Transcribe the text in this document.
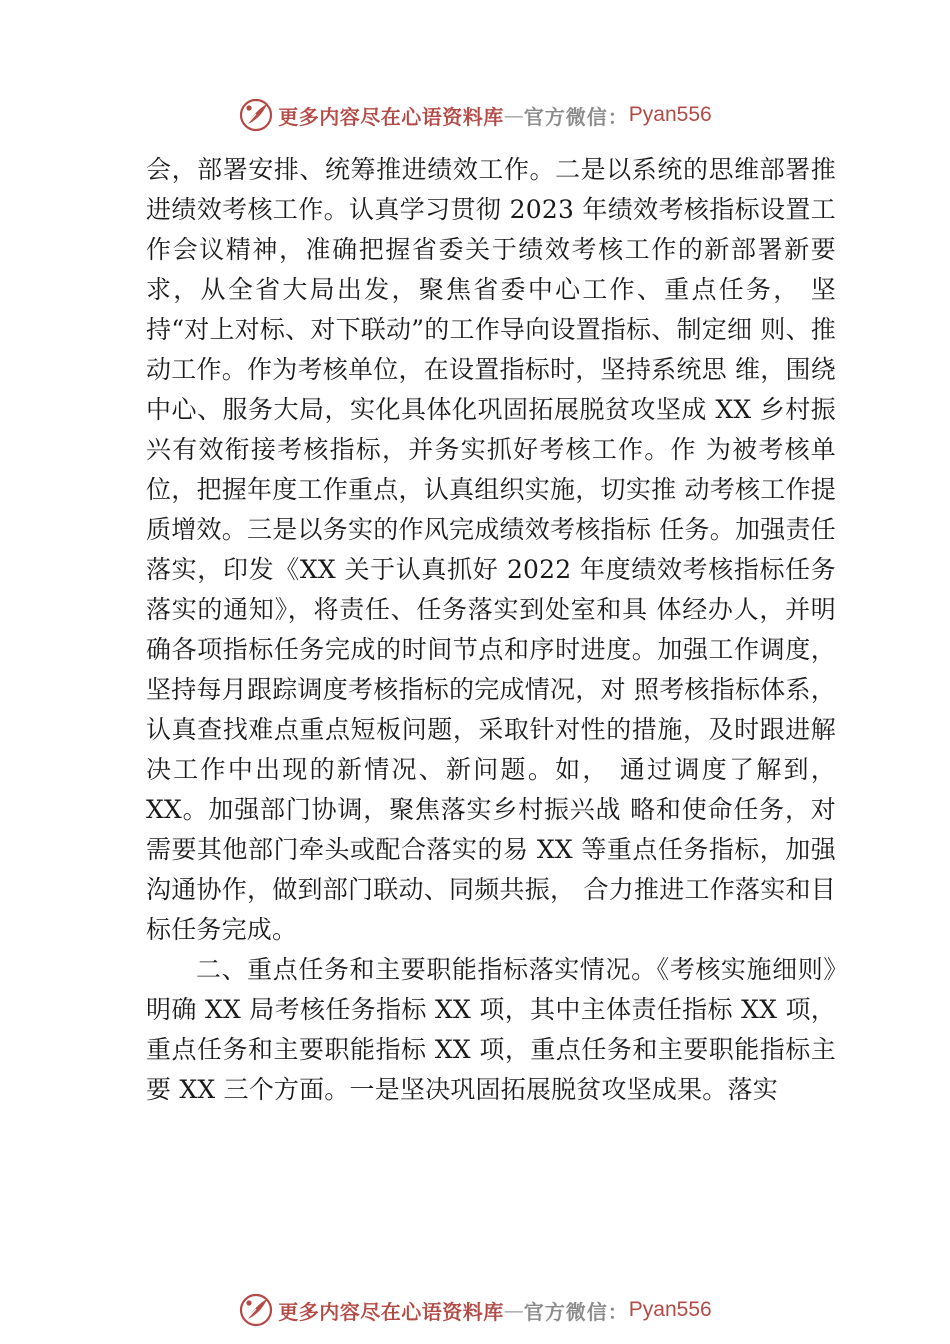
更多内容尽在心语资料库 — 官方微信： Pyan556

会，部署安排、统筹推进绩效工作。二是以系统的思维部署推进绩效考核工作。认真学习贯彻 2023 年绩效考核指标设置工作会议精神，准确把握省委关于绩效考核工作的新部署新要求，从全省大局出发，聚焦省委中心工作、重点任务， 坚持“对上对标、对下联动”的工作导向设置指标、制定细 则、推动工作。作为考核单位，在设置指标时，坚持系统思 维，围绕中心、服务大局，实化具体化巩固拓展脱贫攻坚成 XX 乡村振兴有效衔接考核指标，并务实抓好考核工作。作 为被考核单位，把握年度工作重点，认真组织实施，切实推 动考核工作提质增效。三是以务实的作风完成绩效考核指标 任务。加强责任落实，印发《XX 关于认真抓好 2022 年度绩效考核指标任务落实的通知》，将责任、任务落实到处室和具 体经办人，并明确各项指标任务完成的时间节点和序时进度。加强工作调度，坚持每月跟踪调度考核指标的完成情况，对 照考核指标体系，认真查找难点重点短板问题，采取针对性的措施，及时跟进解决工作中出现的新情况、新问题。如， 通过调度了解到，XX。加强部门协调，聚焦落实乡村振兴战 略和使命任务，对需要其他部门牵头或配合落实的易 XX 等重点任务指标，加强沟通协作，做到部门联动、同频共振， 合力推进工作落实和目标任务完成。

二、重点任务和主要职能指标落实情况。《考核实施细则》明确 XX 局考核任务指标 XX 项，其中主体责任指标 XX 项， 重点任务和主要职能指标 XX 项，重点任务和主要职能指标主要 XX 三个方面。一是坚决巩固拓展脱贫攻坚成果。落实

更多内容尽在心语资料库 — 官方微信： Pyan556
